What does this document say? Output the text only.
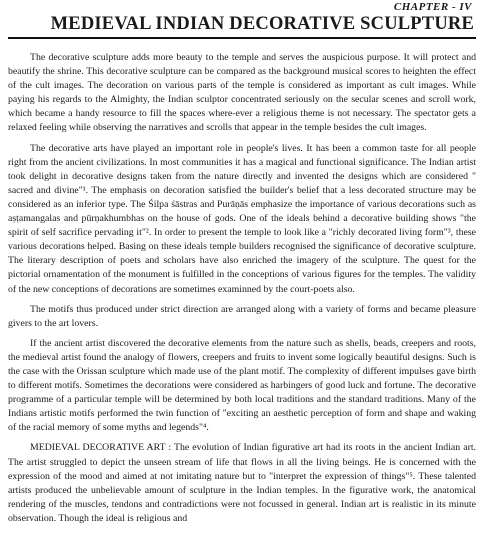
CHAPTER - IV
MEDIEVAL INDIAN DECORATIVE SCULPTURE

The decorative sculpture adds more beauty to the temple and serves the auspicious purpose. It will protect and beautify the shrine. This decorative sculpture can be compared as the background musical scores to heighten the effect of the cult images. The decoration on various parts of the temple is considered as important as cult images. While paying his regards to the Almighty, the Indian sculptor concentrated seriously on the secular scenes and scroll work, which became a handy resource to fill the spaces where-ever a religious theme is not necessary. The spectator gets a relaxed feeling while observing the narratives and scrolls that appear in the temple besides the cult images.

The decorative arts have played an important role in people's lives. It has been a common taste for all people right from the ancient civilizations. In most communities it has a magical and functional significance. The Indian artist took delight in decorative designs taken from the nature directly and invented the designs which are considered " sacred and divine"¹. The emphasis on decoration satisfied the builder's belief that a less decorated structure may be considered as an inferior type. The Śilpa śāstras and Purāṇās emphasize the importance of various decorations such as aṣṭamangalas and pūrṇakhumbhas on the house of gods. One of the ideals behind a decorative building shows "the spirit of self sacrifice pervading it"². In order to present the temple to look like a "richly decorated living form"³, these various decorations helped. Basing on these ideals temple builders recognised the significance of decorative sculpture. The literary description of poets and scholars have also enriched the imagery of the sculpture. The quest for the pictorial ornamentation of the monument is fulfilled in the conceptions of various figures for the temples. The validity of the new conceptions of decorations are sometimes examinned by the court-poets also.

The motifs thus produced under strict direction are arranged along with a variety of forms and became pleasure givers to the art lovers.

If the ancient artist discovered the decorative elements from the nature such as shells, beads, creepers and roots, the medieval artist found the analogy of flowers, creepers and fruits to invent some logically beautiful designs. Such is the case with the Orissan sculpture which made use of the plant motif. The complexity of different impulses gave birth to different motifs. Sometimes the decorations were considered as harbingers of good luck and fortune. The decorative programme of a particular temple will be determined by both local traditions and the standard traditions. Many of the Indians artistic motifs performed the twin function of "exciting an aesthetic perception of form and shape and waking of the racial memory of some myths and legends"⁴.

MEDIEVAL DECORATIVE ART : The evolution of Indian figurative art had its roots in the ancient Indian art. The artist struggled to depict the unseen stream of life that flows in all the living beings. He is concerned with the expression of the mood and aimed at not imitating nature but to "interpret the expression of things"⁵. These talented artists produced the unbelievable amount of sculpture in the Indian temples. In the figurative work, the anatomical rendering of the muscles, tendons and contradictions were not focussed in general. Indian art is realistic in its minute observation. Though the ideal is religious and
